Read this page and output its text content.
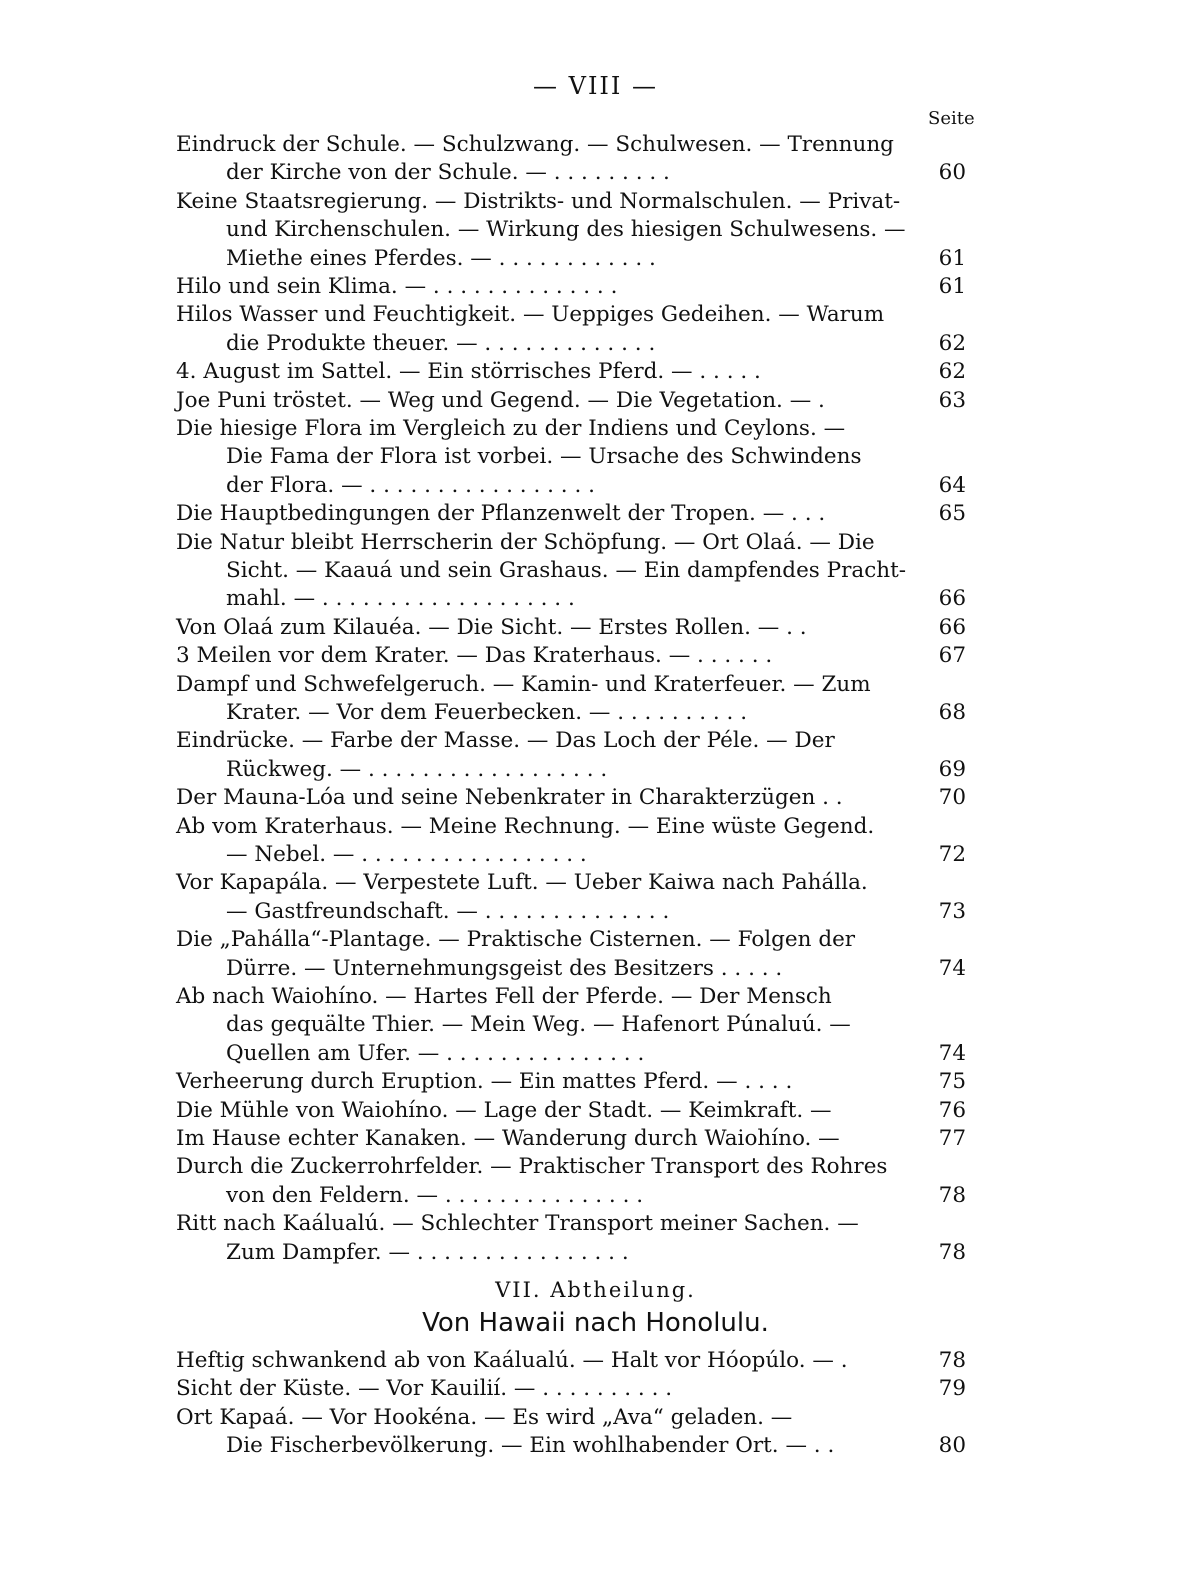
— VIII —
Seite
Eindruck der Schule. — Schulzwang. — Schulwesen. — Trennung
der Kirche von der Schule. — . . . . . . . . .	60
Keine Staatsregierung. — Distrikts- und Normalschulen. — Privat-
und Kirchenschulen. — Wirkung des hiesigen Schulwesens. —
Miethe eines Pferdes. — . . . . . . . . . . . .	61
Hilo und sein Klima. — . . . . . . . . . . . . . .	61
Hilos Wasser und Feuchtigkeit. — Ueppiges Gedeihen. — Warum
die Produkte theuer. — . . . . . . . . . . . . .	62
4. August im Sattel. — Ein störrisches Pferd. — . . . . .	62
Joe Puni tröstet. — Weg und Gegend. — Die Vegetation. — .	63
Die hiesige Flora im Vergleich zu der Indiens und Ceylons. —
Die Fama der Flora ist vorbei. — Ursache des Schwindens
der Flora. — . . . . . . . . . . . . . . . . .	64
Die Hauptbedingungen der Pflanzenwelt der Tropen. — . . .	65
Die Natur bleibt Herrscherin der Schöpfung. — Ort Olaá. — Die
Sicht. — Kaauá und sein Grashaus. — Ein dampfendes Pracht-
mahl. — . . . . . . . . . . . . . . . . . . .	66
Von Olaá zum Kilauéa. — Die Sicht. — Erstes Rollen. — . .	66
3 Meilen vor dem Krater. — Das Kraterhaus. — . . . . . .	67
Dampf und Schwefelgeruch. — Kamin- und Kraterfeuer. — Zum
Krater. — Vor dem Feuerbecken. — . . . . . . . . . .	68
Eindrücke. — Farbe der Masse. — Das Loch der Péle. — Der
Rückweg. — . . . . . . . . . . . . . . . . . .	69
Der Mauna-Lóa und seine Nebenkrater in Charakterzügen . .	70
Ab vom Kraterhaus. — Meine Rechnung. — Eine wüste Gegend.
— Nebel. — . . . . . . . . . . . . . . . . .	72
Vor Kapapála. — Verpestete Luft. — Ueber Kaiwa nach Pahálla.
— Gastfreundschaft. — . . . . . . . . . . . . . .	73
Die „Pahálla“-Plantage. — Praktische Cisternen. — Folgen der
Dürre. — Unternehmungsgeist des Besitzers . . . . .	74
Ab nach Waiohíno. — Hartes Fell der Pferde. — Der Mensch
das gequälte Thier. — Mein Weg. — Hafenort Púnaluú. —
Quellen am Ufer. — . . . . . . . . . . . . . . .	74
Verheerung durch Eruption. — Ein mattes Pferd. — . . . .	75
Die Mühle von Waiohíno. — Lage der Stadt. — Keimkraft. —	76
Im Hause echter Kanaken. — Wanderung durch Waiohíno. —	77
Durch die Zuckerrohrfelder. — Praktischer Transport des Rohres
von den Feldern. — . . . . . . . . . . . . . . .	78
Ritt nach Kaálualú. — Schlechter Transport meiner Sachen. —
Zum Dampfer. — . . . . . . . . . . . . . . . .	78
Heftig schwankend ab von Kaálualú. — Halt vor Hóopúlo. — .	78
Sicht der Küste. — Vor Kauilií. — . . . . . . . . . .	79
Ort Kapaá. — Vor Hookéna. — Es wird „Ava“ geladen. —
Die Fischerbevölkerung. — Ein wohlhabender Ort. — . .	80
VII. Abtheilung.
Von Hawaii nach Honolulu.
